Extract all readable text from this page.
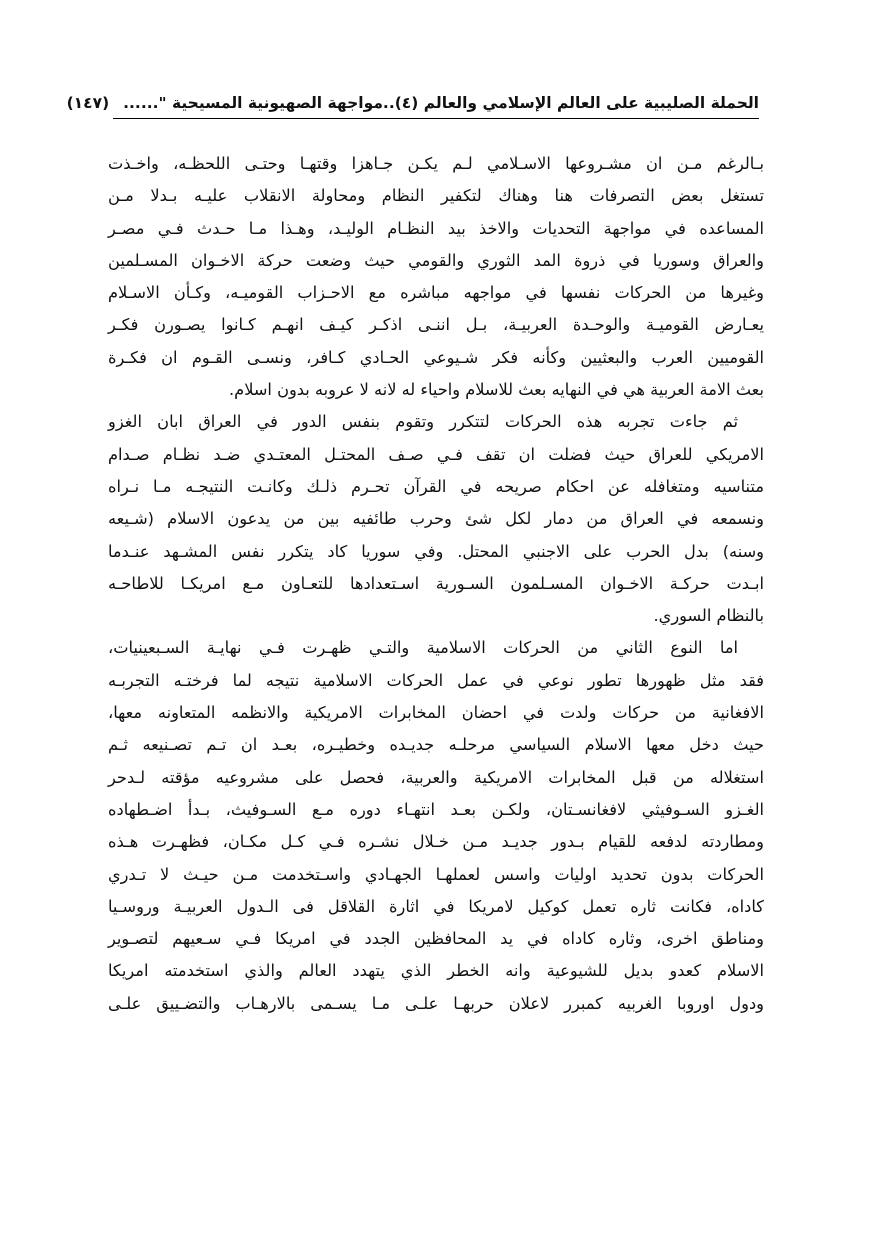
الحملة الصليبية على العالم الإسلامي والعالم (٤)..مواجهة الصهيونية المسيحية "......
(١٤٧)
بـالرغم مـن ان مشـروعها الاسـلامي لـم يكـن جـاهزا وقتهـا وحتـى اللحظـه، واخـذت
تستغل بعض التصرفات هنا وهناك لتكفير النظام ومحاولة الانقلاب عليـه بـدلا مـن
المساعده في مواجهة التحديات والاخذ بيد النظـام الوليـد، وهـذا مـا حـدث فـي مصـر
والعراق وسوريا في ذروة المد الثوري والقومي حيث وضعت حركة الاخـوان المسـلمين
وغيرها من الحركات نفسها في مواجهه مباشره مع الاحـزاب القوميـه، وكـأن الاسـلام
يعـارض القوميـة والوحـدة العربيـة، بـل اننـى اذكـر كيـف انهـم كـانوا يصـورن فكـر
القوميين العرب والبعثيين وكأنه فكر شـيوعي الحـادي كـافر، ونسـى القـوم ان فكـرة
بعث الامة العربية هي في النهايه بعث للاسلام واحياء له لانه لا عروبه بدون اسلام.
ثم جاءت تجربه هذه الحركات لتتكرر وتقوم بنفس الدور في العراق ابان الغزو
الامريكي للعراق حيث فضلت ان تقف فـي صـف المحتـل المعتـدي ضـد نظـام صـدام
متناسيه ومتغافله عن احكام صريحه في القرآن تحـرم ذلـك وكانـت النتيجـه مـا نـراه
ونسمعه في العراق من دمار لكل شئ وحرب طائفيه بين من يدعون الاسلام (شـيعه
وسنه) بدل الحرب على الاجنبي المحتل. وفي سوريا كاد يتكرر نفس المشـهد عنـدما
ابـدت حركـة الاخـوان المسـلمون السـورية اسـتعدادها للتعـاون مـع امريكـا للاطاحـه
بالنظام السوري.
اما النوع الثاني من الحركات الاسلامية والتـي ظهـرت فـي نهايـة السـبعينيات،
فقد مثل ظهورها تطور نوعي في عمل الحركات الاسلامية نتيجه لما فرختـه التجربـه
الافغانية من حركات ولدت في احضان المخابرات الامريكية والانظمه المتعاونه معها،
حيث دخل معها الاسلام السياسي مرحلـه جديـده وخطيـره، بعـد ان تـم تصـنيعه ثـم
استغلاله من قبل المخابرات الامريكية والعربية، فحصل على مشروعيه مؤقته لـدحر
الغـزو السـوفيثي لافغانسـتان، ولكـن بعـد انتهـاء دوره مـع السـوفيث، بـدأ اضـطهاده
ومطاردته لدفعه للقيام بـدور جديـد مـن خـلال نشـره فـي كـل مكـان، فظهـرت هـذه
الحركات بدون تحديد اوليات واسس لعملهـا الجهـادي واسـتخدمت مـن حيـث لا تـدري
كاداه، فكانت ثاره تعمل كوكيل لامريكا في اثارة القلاقل فى الـدول العربيـة وروسـيا
ومناطق اخرى، وثاره كاداه في يد المحافظين الجدد في امريكا فـي سـعيهم لتصـوير
الاسلام كعدو بديل للشيوعية وانه الخطر الذي يتهدد العالم والذي استخدمته امريكا
ودول اوروبا الغربيه كمبرر لاعلان حربهـا علـى مـا يسـمى بالارهـاب والتضـييق علـى
